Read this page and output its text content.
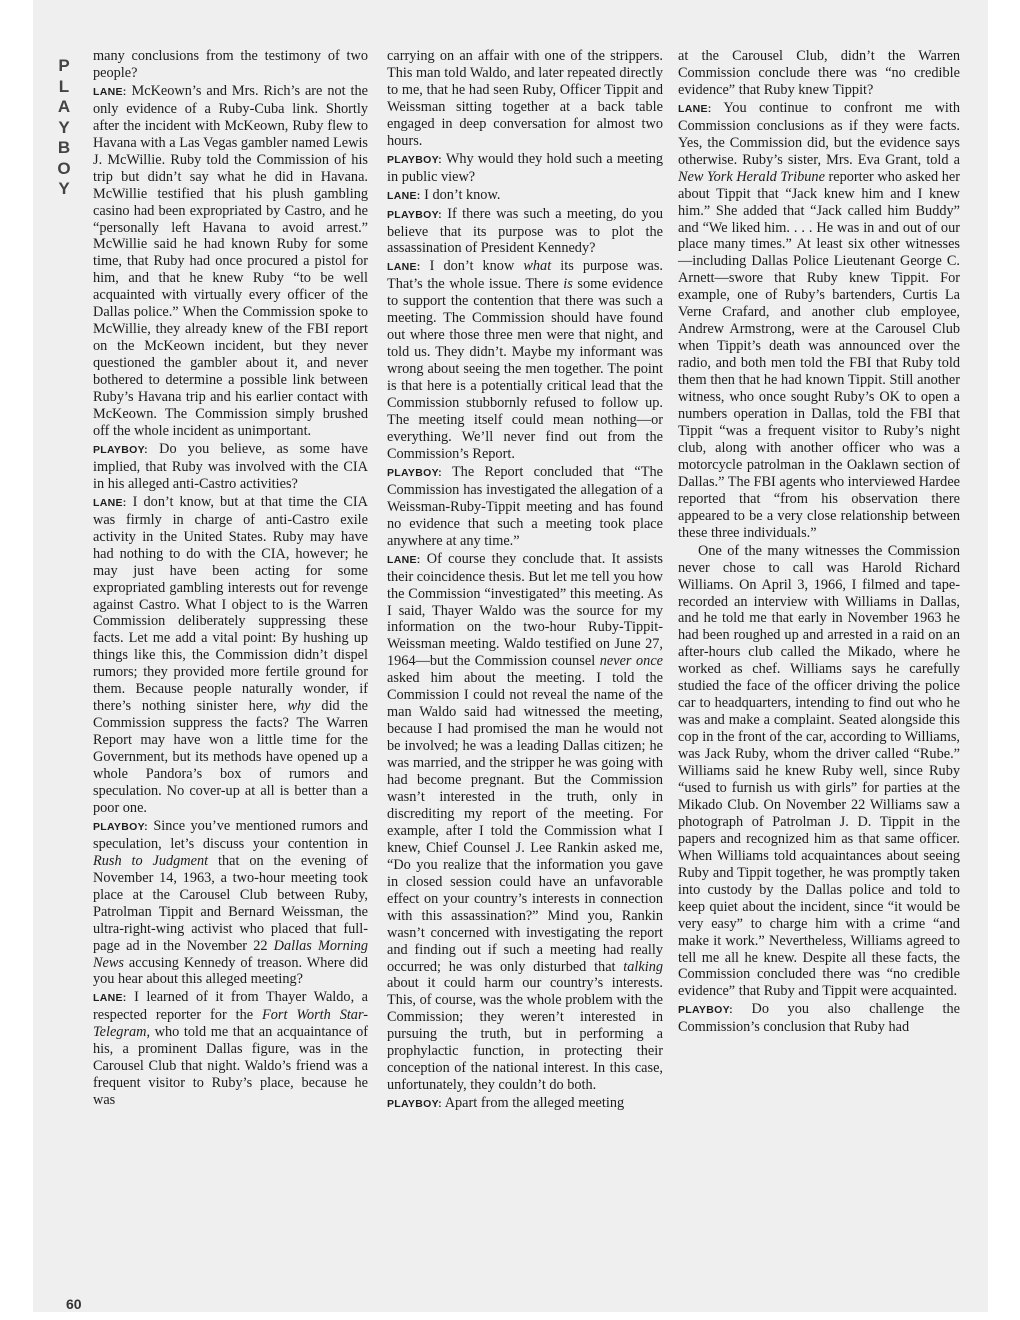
P
L
A
Y
B
O
Y
60

many conclusions from the testimony of two people?

LANE: McKeown’s and Mrs. Rich’s are not the only evidence of a Ruby-Cuba link. Shortly after the incident with McKeown, Ruby flew to Havana with a Las Vegas gambler named Lewis J. McWillie. Ruby told the Commission of his trip but didn’t say what he did in Havana. McWillie testified that his plush gambling casino had been expropriated by Castro, and he “personally left Havana to avoid arrest.” McWillie said he had known Ruby for some time, that Ruby had once procured a pistol for him, and that he knew Ruby “to be well acquainted with virtually every officer of the Dallas police.” When the Commission spoke to McWillie, they already knew of the FBI report on the McKeown incident, but they never questioned the gambler about it, and never bothered to determine a possible link between Ruby’s Havana trip and his earlier contact with McKeown. The Commission simply brushed off the whole incident as unimportant.

PLAYBOY: Do you believe, as some have implied, that Ruby was involved with the CIA in his alleged anti-Castro activities?

LANE: I don’t know, but at that time the CIA was firmly in charge of anti-Castro exile activity in the United States. Ruby may have had nothing to do with the CIA, however; he may just have been acting for some expropriated gambling interests out for revenge against Castro. What I object to is the Warren Commission deliberately suppressing these facts. Let me add a vital point: By hushing up things like this, the Commission didn’t dispel rumors; they provided more fertile ground for them. Because people naturally wonder, if there’s nothing sinister here, why did the Commission suppress the facts? The Warren Report may have won a little time for the Government, but its methods have opened up a whole Pandora’s box of rumors and speculation. No cover-up at all is better than a poor one.

PLAYBOY: Since you’ve mentioned rumors and speculation, let’s discuss your contention in Rush to Judgment that on the evening of November 14, 1963, a two-hour meeting took place at the Carousel Club between Ruby, Patrolman Tippit and Bernard Weissman, the ultra-right-wing activist who placed that full-page ad in the November 22 Dallas Morning News accusing Kennedy of treason. Where did you hear about this alleged meeting?

LANE: I learned of it from Thayer Waldo, a respected reporter for the Fort Worth Star-Telegram, who told me that an acquaintance of his, a prominent Dallas figure, was in the Carousel Club that night. Waldo’s friend was a frequent visitor to Ruby’s place, because he was

carrying on an affair with one of the strippers. This man told Waldo, and later repeated directly to me, that he had seen Ruby, Officer Tippit and Weissman sitting together at a back table engaged in deep conversation for almost two hours.

PLAYBOY: Why would they hold such a meeting in public view?

LANE: I don’t know.

PLAYBOY: If there was such a meeting, do you believe that its purpose was to plot the assassination of President Kennedy?

LANE: I don’t know what its purpose was. That’s the whole issue. There is some evidence to support the contention that there was such a meeting. The Commission should have found out where those three men were that night, and told us. They didn’t. Maybe my informant was wrong about seeing the men together. The point is that here is a potentially critical lead that the Commission stubbornly refused to follow up. The meeting itself could mean nothing—or everything. We’ll never find out from the Commission’s Report.

PLAYBOY: The Report concluded that “The Commission has investigated the allegation of a Weissman-Ruby-Tippit meeting and has found no evidence that such a meeting took place anywhere at any time.”

LANE: Of course they conclude that. It assists their coincidence thesis. But let me tell you how the Commission “investigated” this meeting. As I said, Thayer Waldo was the source for my information on the two-hour Ruby-Tippit-Weissman meeting. Waldo testified on June 27, 1964—but the Commission counsel never once asked him about the meeting. I told the Commission I could not reveal the name of the man Waldo said had witnessed the meeting, because I had promised the man he would not be involved; he was a leading Dallas citizen; he was married, and the stripper he was going with had become pregnant. But the Commission wasn’t interested in the truth, only in discrediting my report of the meeting. For example, after I told the Commission what I knew, Chief Counsel J. Lee Rankin asked me, “Do you realize that the information you gave in closed session could have an unfavorable effect on your country’s interests in connection with this assassination?” Mind you, Rankin wasn’t concerned with investigating the report and finding out if such a meeting had really occurred; he was only disturbed that talking about it could harm our country’s interests. This, of course, was the whole problem with the Commission; they weren’t interested in pursuing the truth, but in performing a prophylactic function, in protecting their conception of the national interest. In this case, unfortunately, they couldn’t do both.

PLAYBOY: Apart from the alleged meeting

at the Carousel Club, didn’t the Warren Commission conclude there was “no credible evidence” that Ruby knew Tippit?

LANE: You continue to confront me with Commission conclusions as if they were facts. Yes, the Commission did, but the evidence says otherwise. Ruby’s sister, Mrs. Eva Grant, told a New York Herald Tribune reporter who asked her about Tippit that “Jack knew him and I knew him.” She added that “Jack called him Buddy” and “We liked him. . . . He was in and out of our place many times.” At least six other witnesses—including Dallas Police Lieutenant George C. Arnett—swore that Ruby knew Tippit. For example, one of Ruby’s bartenders, Curtis La Verne Crafard, and another club employee, Andrew Armstrong, were at the Carousel Club when Tippit’s death was announced over the radio, and both men told the FBI that Ruby told them then that he had known Tippit. Still another witness, who once sought Ruby’s OK to open a numbers operation in Dallas, told the FBI that Tippit “was a frequent visitor to Ruby’s night club, along with another officer who was a motorcycle patrolman in the Oaklawn section of Dallas.” The FBI agents who interviewed Hardee reported that “from his observation there appeared to be a very close relationship between these three individuals.”

One of the many witnesses the Commission never chose to call was Harold Richard Williams. On April 3, 1966, I filmed and tape-recorded an interview with Williams in Dallas, and he told me that early in November 1963 he had been roughed up and arrested in a raid on an after-hours club called the Mikado, where he worked as chef. Williams says he carefully studied the face of the officer driving the police car to headquarters, intending to find out who he was and make a complaint. Seated alongside this cop in the front of the car, according to Williams, was Jack Ruby, whom the driver called “Rube.” Williams said he knew Ruby well, since Ruby “used to furnish us with girls” for parties at the Mikado Club. On November 22 Williams saw a photograph of Patrolman J. D. Tippit in the papers and recognized him as that same officer. When Williams told acquaintances about seeing Ruby and Tippit together, he was promptly taken into custody by the Dallas police and told to keep quiet about the incident, since “it would be very easy” to charge him with a crime “and make it work.” Nevertheless, Williams agreed to tell me all he knew. Despite all these facts, the Commission concluded there was “no credible evidence” that Ruby and Tippit were acquainted.

PLAYBOY: Do you also challenge the Commission’s conclusion that Ruby had
